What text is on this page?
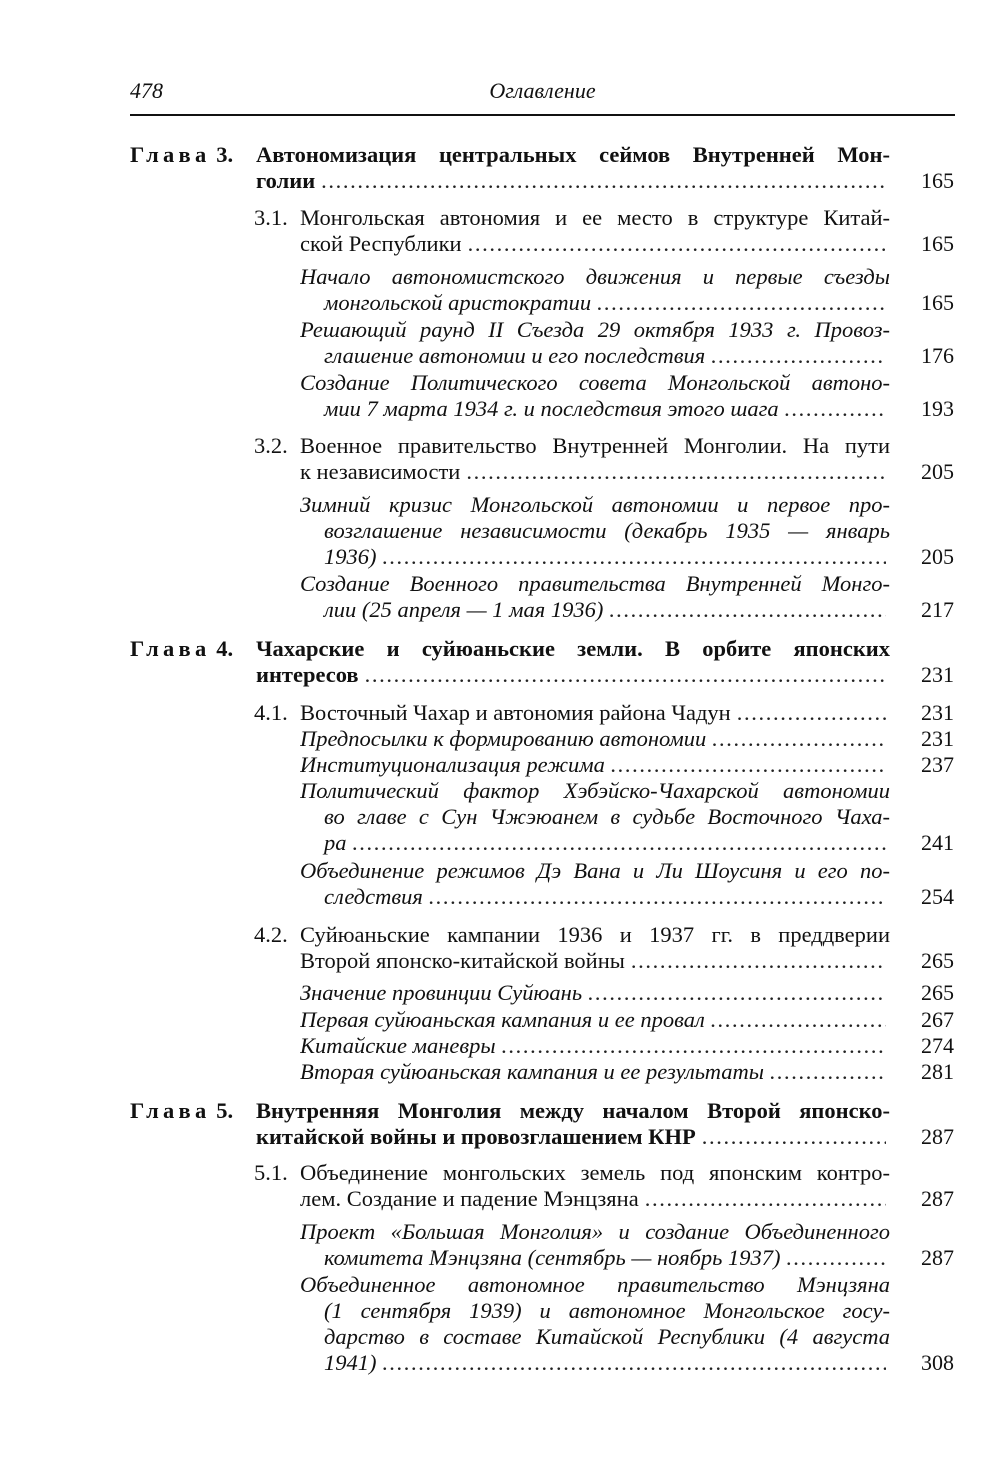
478	Оглавление
Глава 3.	Автономизация центральных сеймов Внутренней Мон-
голии . . .	165
3.1. Монгольская автономия и ее место в структуре Китай-
ской Республики . . .	165
Начало автономистского движения и первые съезды
монгольской аристократии . . .	165
Решающий раунд II Съезда 29 октября 1933 г. Провоз-
глашение автономии и его последствия . . .	176
Создание Политического совета Монгольской автоно-
мии 7 марта 1934 г. и последствия этого шага . . .	193
3.2. Военное правительство Внутренней Монголии. На пути
к независимости . . .	205
Зимний кризис Монгольской автономии и первое про-
возглашение независимости (декабрь 1935 — январь
1936) . . .	205
Создание Военного правительства Внутренней Монго-
лии (25 апреля — 1 мая 1936) . . .	217
Глава 4.	Чахарские и суйюаньские земли. В орбите японских
интересов . . .	231
4.1. Восточный Чахар и автономия района Чадун . . .	231
Предпосылки к формированию автономии . . .	231
Институционализация режима . . .	237
Политический фактор Хэбэйско-Чахарской автономии
во главе с Сун Чжэюанем в судьбе Восточного Чаха-
ра . . .	241
Объединение режимов Дэ Вана и Ли Шоусиня и его по-
следствия . . .	254
4.2. Суйюаньские кампании 1936 и 1937 гг. в преддверии
Второй японско-китайской войны . . .	265
Значение провинции Суйюань . . .	265
Первая суйюаньская кампания и ее провал . . .	267
Китайские маневры . . .	274
Вторая суйюаньская кампания и ее результаты . . .	281
Глава 5.	Внутренняя Монголия между началом Второй японско-
китайской войны и провозглашением КНР . . .	287
5.1. Объединение монгольских земель под японским контро-
лем. Создание и падение Мэнцзяна . . .	287
Проект «Большая Монголия» и создание Объединенного
комитета Мэнцзяна (сентябрь — ноябрь 1937) . . .	287
Объединенное автономное правительство Мэнцзяна
(1 сентября 1939) и автономное Монгольское госу-
дарство в составе Китайской Республики (4 августа
1941) . . .	308
